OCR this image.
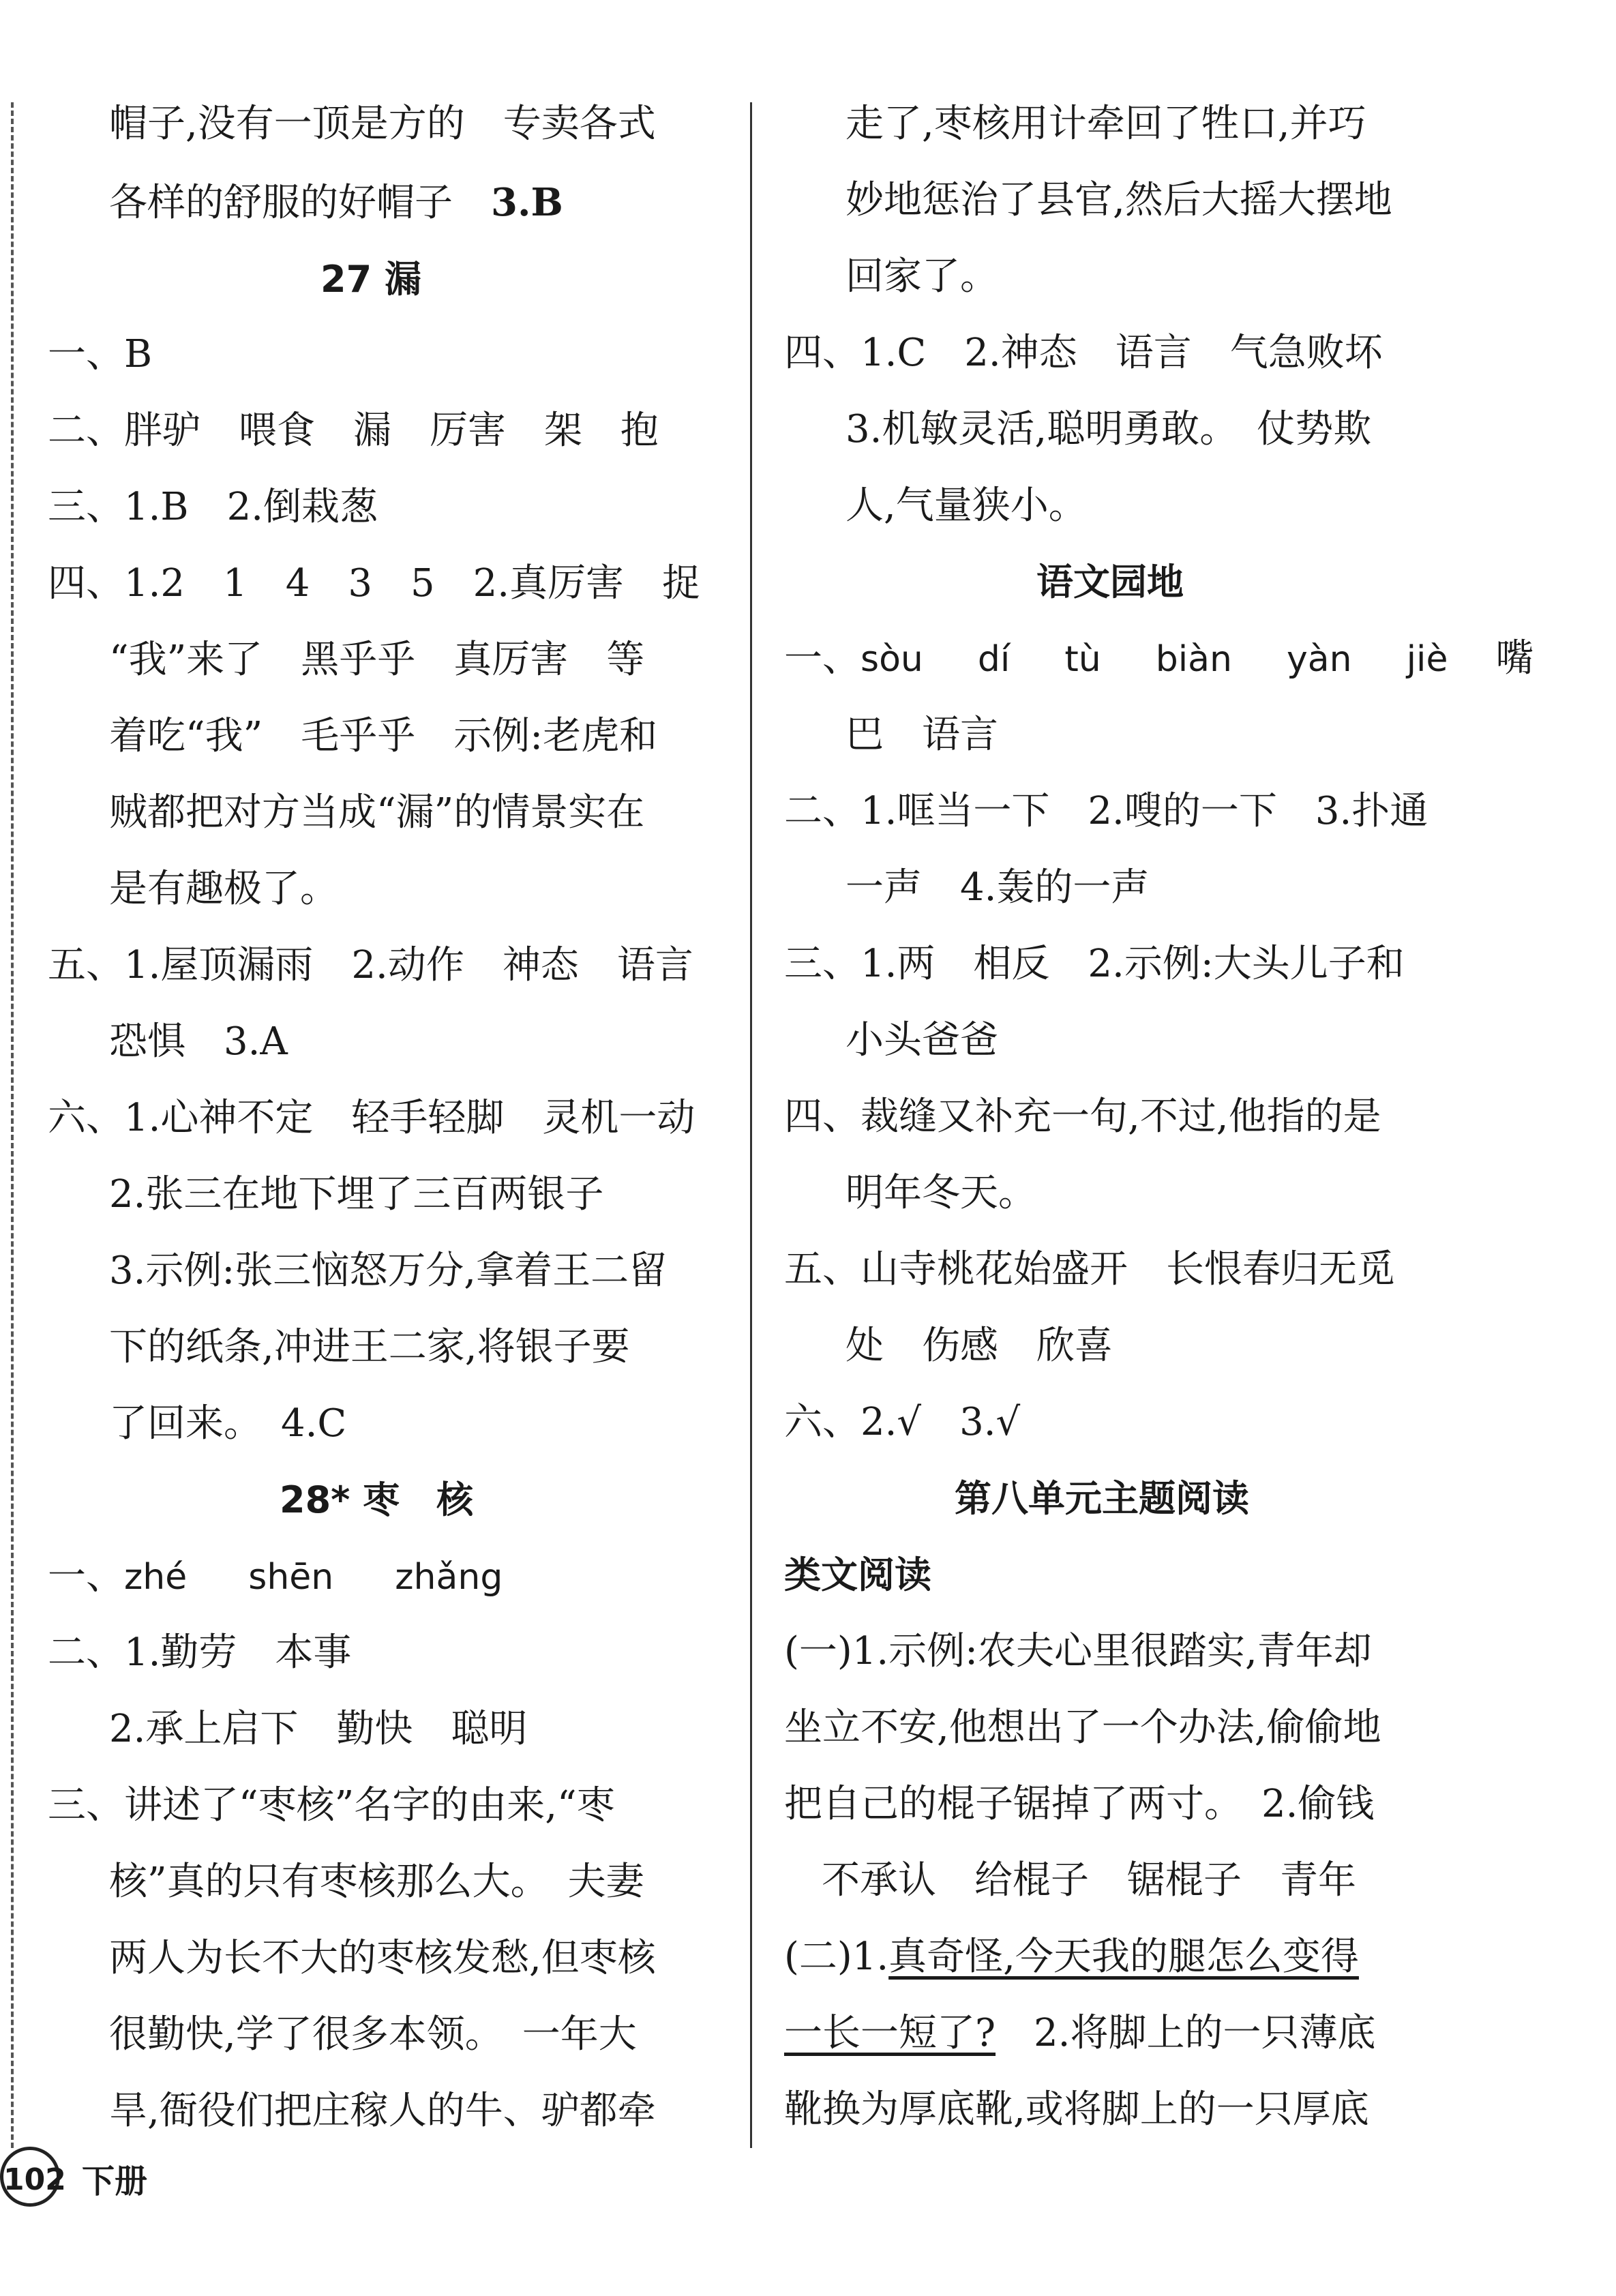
帽子,没有一顶是方的　专卖各式
各样的舒服的好帽子　3.B
27 漏
一、B
二、胖驴　喂食　漏　厉害　架　抱
三、1.B　2.倒栽葱
四、1.2　1　4　3　5　2.真厉害　捉
“我”来了　黑乎乎　真厉害　等
着吃“我”　毛乎乎　示例:老虎和
贼都把对方当成“漏”的情景实在
是有趣极了。
五、1.屋顶漏雨　2.动作　神态　语言
恐惧　3.A
六、1.心神不定　轻手轻脚　灵机一动
2.张三在地下埋了三百两银子
3.示例:张三恼怒万分,拿着王二留
下的纸条,冲进王二家,将银子要
了回来。　4.C
28* 枣　核
一、zhé shēn zhǎng
二、1.勤劳　本事
2.承上启下　勤快　聪明
三、讲述了“枣核”名字的由来,“枣
核”真的只有枣核那么大。　夫妻
两人为长不大的枣核发愁,但枣核
很勤快,学了很多本领。　一年大
旱,衙役们把庄稼人的牛、驴都牵
走了,枣核用计牵回了牲口,并巧
妙地惩治了县官,然后大摇大摆地
回家了。
四、1.C　2.神态　语言　气急败坏
3.机敏灵活,聪明勇敢。　仗势欺
人,气量狭小。
语文园地
一、sòu dí tù biàn yàn jiè 嘴
巴　语言
二、1.哐当一下　2.嗖的一下　3.扑通
一声　4.轰的一声
三、1.两　相反　2.示例:大头儿子和
小头爸爸
四、裁缝又补充一句,不过,他指的是
明年冬天。
五、山寺桃花始盛开　长恨春归无觅
处　伤感　欣喜
六、2.√　3.√
第八单元主题阅读
类文阅读
(一)1.示例:农夫心里很踏实,青年却
坐立不安,他想出了一个办法,偷偷地
把自己的棍子锯掉了两寸。　2.偷钱
不承认　给棍子　锯棍子　青年
(二)1.真奇怪,今天我的腿怎么变得
一长一短了?　2.将脚上的一只薄底
靴换为厚底靴,或将脚上的一只厚底
102 下册
